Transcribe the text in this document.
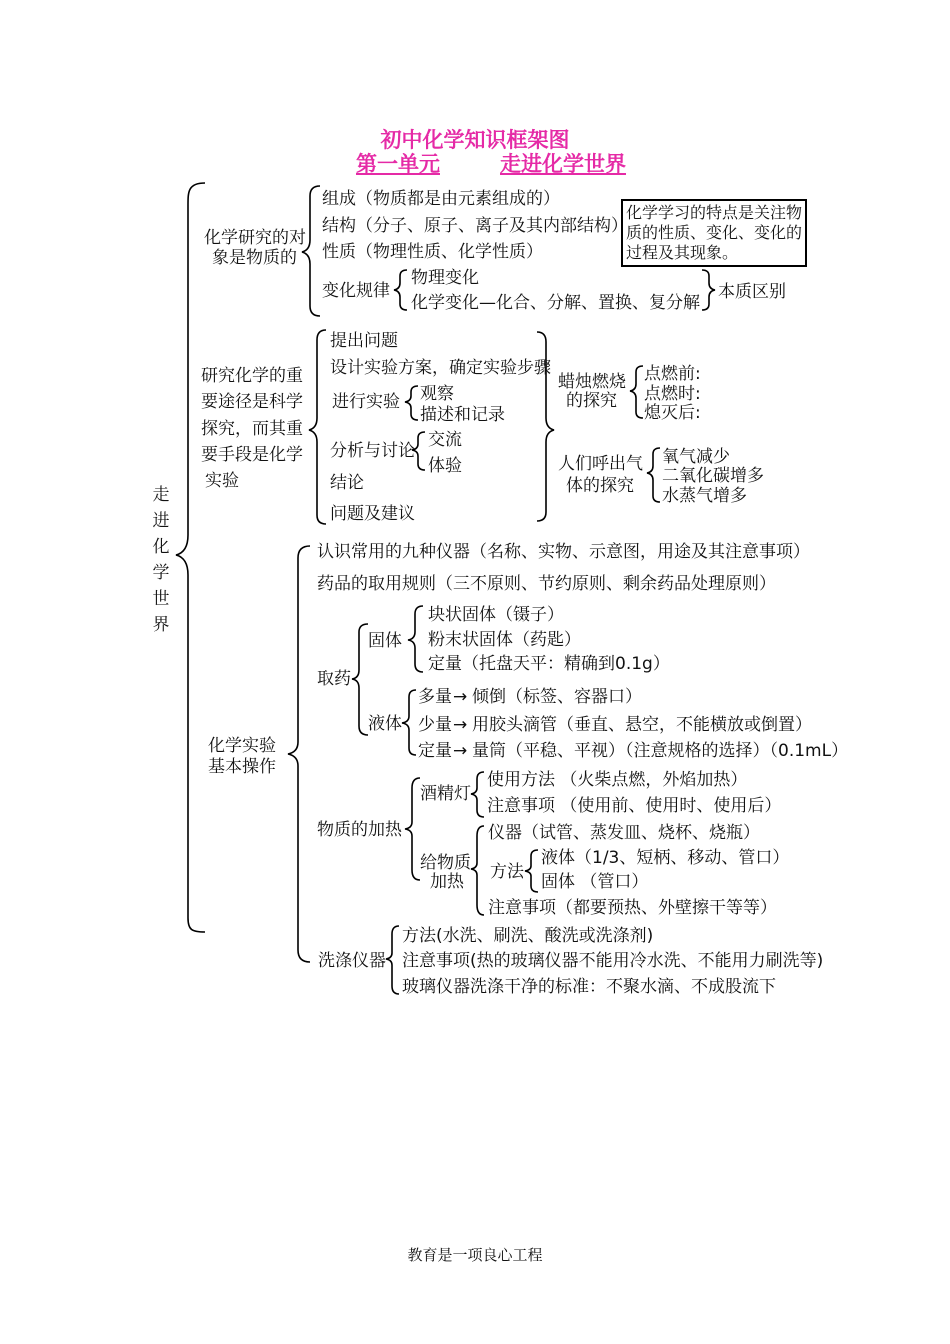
初中化学知识框架图
第一单元	走进化学世界
走进化学世界
化学学习的特点是关注物质的性质、变化、变化的过程及其现象。
化学研究的对
象是物质的
组成（物质都是由元素组成的）
结构（分子、原子、离子及其内部结构）
性质（物理性质、化学性质）
变化规律
物理变化
化学变化—化合、分解、置换、复分解
本质区别
研究化学的重
要途径是科学
探究，而其重
要手段是化学
实验
提出问题
设计实验方案，确定实验步骤
进行实验 观察
描述和记录
分析与讨论
交流
体验
结论
问题及建议
蜡烛燃烧
的探究
点燃前:
点燃时:
熄灭后:
人们呼出气
体的探究
氧气减少
二氧化碳增多
水蒸气增多
化学实验
基本操作
认识常用的九种仪器（名称、实物、示意图，用途及其注意事项）
药品的取用规则（三不原则、节约原则、剩余药品处理原则）
取药
固体
块状固体（镊子）
粉末状固体（药匙）
定量（托盘天平：精确到0.1g）
液体
多量 → 倾倒（标签、容器口）
少量 → 用胶头滴管（垂直、悬空，不能横放或倒置）
定量 → 量筒（平稳、平视）（注意规格的选择）（0.1mL）
物质的加热
酒精灯
使用方法 （火柴点燃，外焰加热）
注意事项 （使用前、使用时、使用后）
给物质
加热
仪器（试管、蒸发皿、烧杯、烧瓶）
方法
液体（1/3、短柄、移动、管口）
固体 （管口）
注意事项（都要预热、外壁擦干等等）
洗涤仪器
方法(水洗、刷洗、酸洗或洗涤剂)
注意事项(热的玻璃仪器不能用冷水洗、不能用力刷洗等)
玻璃仪器洗涤干净的标准：不聚水滴、不成股流下
教育是一项良心工程
